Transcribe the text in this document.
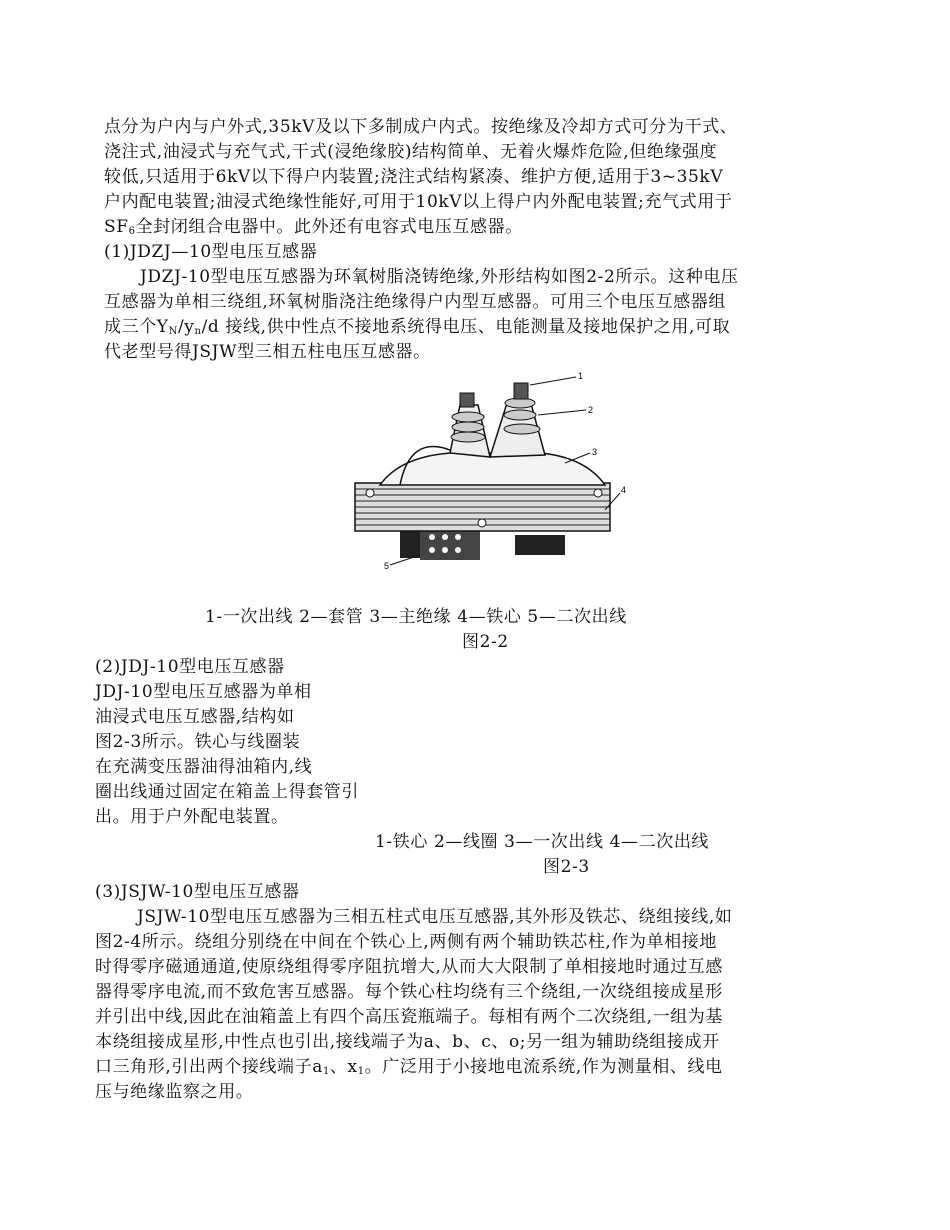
点分为户内与户外式,35kV及以下多制成户内式。按绝缘及冷却方式可分为干式、
浇注式,油浸式与充气式,干式(浸绝缘胶)结构简单、无着火爆炸危险,但绝缘强度
较低,只适用于6kV以下得户内装置;浇注式结构紧凑、维护方便,适用于3~35kV
户内配电装置;油浸式绝缘性能好,可用于10kV以上得户内外配电装置;充气式用于
$SF_6$全封闭组合电器中。此外还有电容式电压互感器。
(1)JDZJ—10型电压互感器
JDZJ-10型电压互感器为环氧树脂浇铸绝缘,外形结构如图2-2所示。这种电压
互感器为单相三绕组,环氧树脂浇注绝缘得户内型互感器。可用三个电压互感器组
成三个$Y_N/y_n/d$ 接线,供中性点不接地系统得电压、电能测量及接地保护之用,可取
代老型号得JSJW型三相五柱电压互感器。
1
2
3
4
5
1-一次出线 2—套管 3—主绝缘 4—铁心 5—二次出线
图2-2
(2)JDJ-10型电压互感器
JDJ-10型电压互感器为单相
油浸式电压互感器,结构如
图2-3所示。铁心与线圈装
在充满变压器油得油箱内,线
圈出线通过固定在箱盖上得套管引
出。用于户外配电装置。
1-铁心 2—线圈 3—一次出线 4—二次出线
图2-3
(3)JSJW-10型电压互感器
JSJW-10型电压互感器为三相五柱式电压互感器,其外形及铁芯、绕组接线,如
图2-4所示。绕组分别绕在中间在个铁心上,两侧有两个辅助铁芯柱,作为单相接地
时得零序磁通通道,使原绕组得零序阻抗增大,从而大大限制了单相接地时通过互感
器得零序电流,而不致危害互感器。每个铁心柱均绕有三个绕组,一次绕组接成星形
并引出中线,因此在油箱盖上有四个高压瓷瓶端子。每相有两个二次绕组,一组为基
本绕组接成星形,中性点也引出,接线端子为a、b、c、o;另一组为辅助绕组接成开
口三角形,引出两个接线端子$a_1$、$x_1$。广泛用于小接地电流系统,作为测量相、线电
压与绝缘监察之用。
